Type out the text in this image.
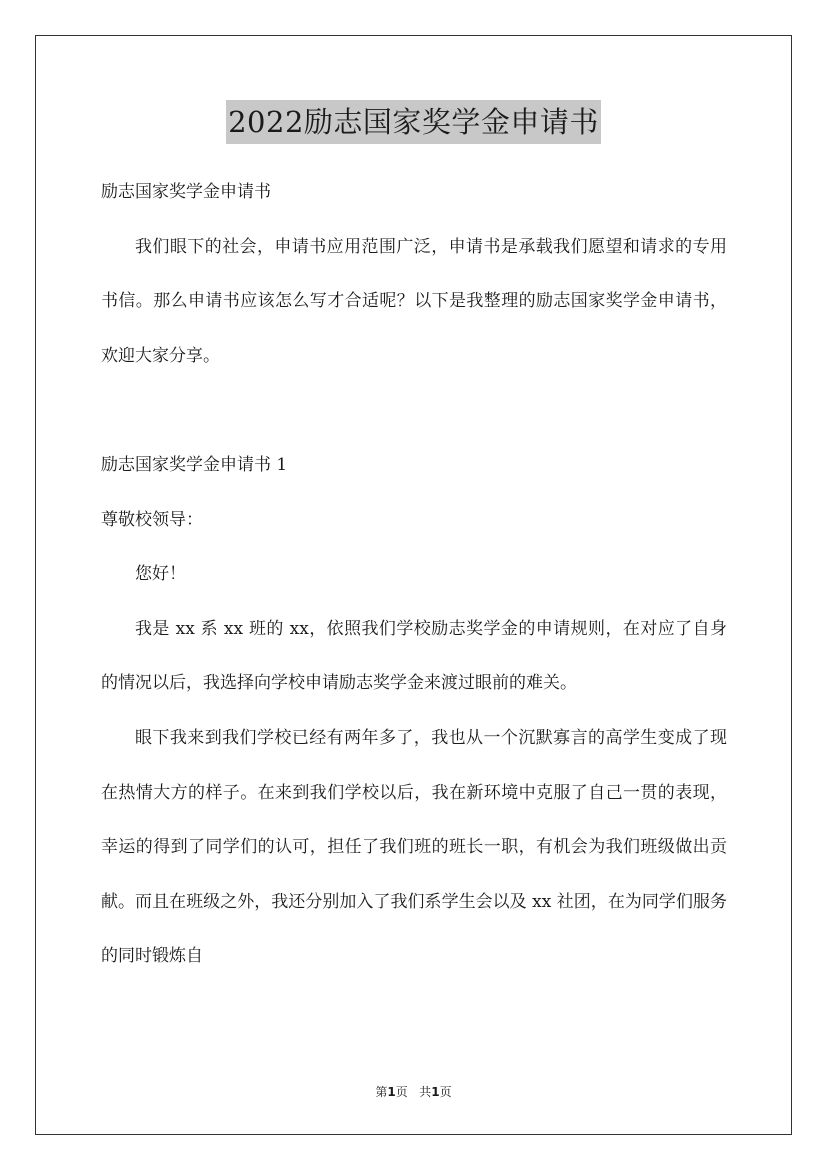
2022励志国家奖学金申请书

励志国家奖学金申请书

我们眼下的社会，申请书应用范围广泛，申请书是承载我们愿望和请求的专用书信。那么申请书应该怎么写才合适呢？以下是我整理的励志国家奖学金申请书，欢迎大家分享。

励志国家奖学金申请书 1

尊敬校领导：

您好！

我是 xx 系 xx 班的 xx，依照我们学校励志奖学金的申请规则，在对应了自身的情况以后，我选择向学校申请励志奖学金来渡过眼前的难关。

眼下我来到我们学校已经有两年多了，我也从一个沉默寡言的高学生变成了现在热情大方的样子。在来到我们学校以后，我在新环境中克服了自己一贯的表现，幸运的得到了同学们的认可，担任了我们班的班长一职，有机会为我们班级做出贡献。而且在班级之外，我还分别加入了我们系学生会以及 xx 社团，在为同学们服务的同时锻炼自

第1页 共1页
